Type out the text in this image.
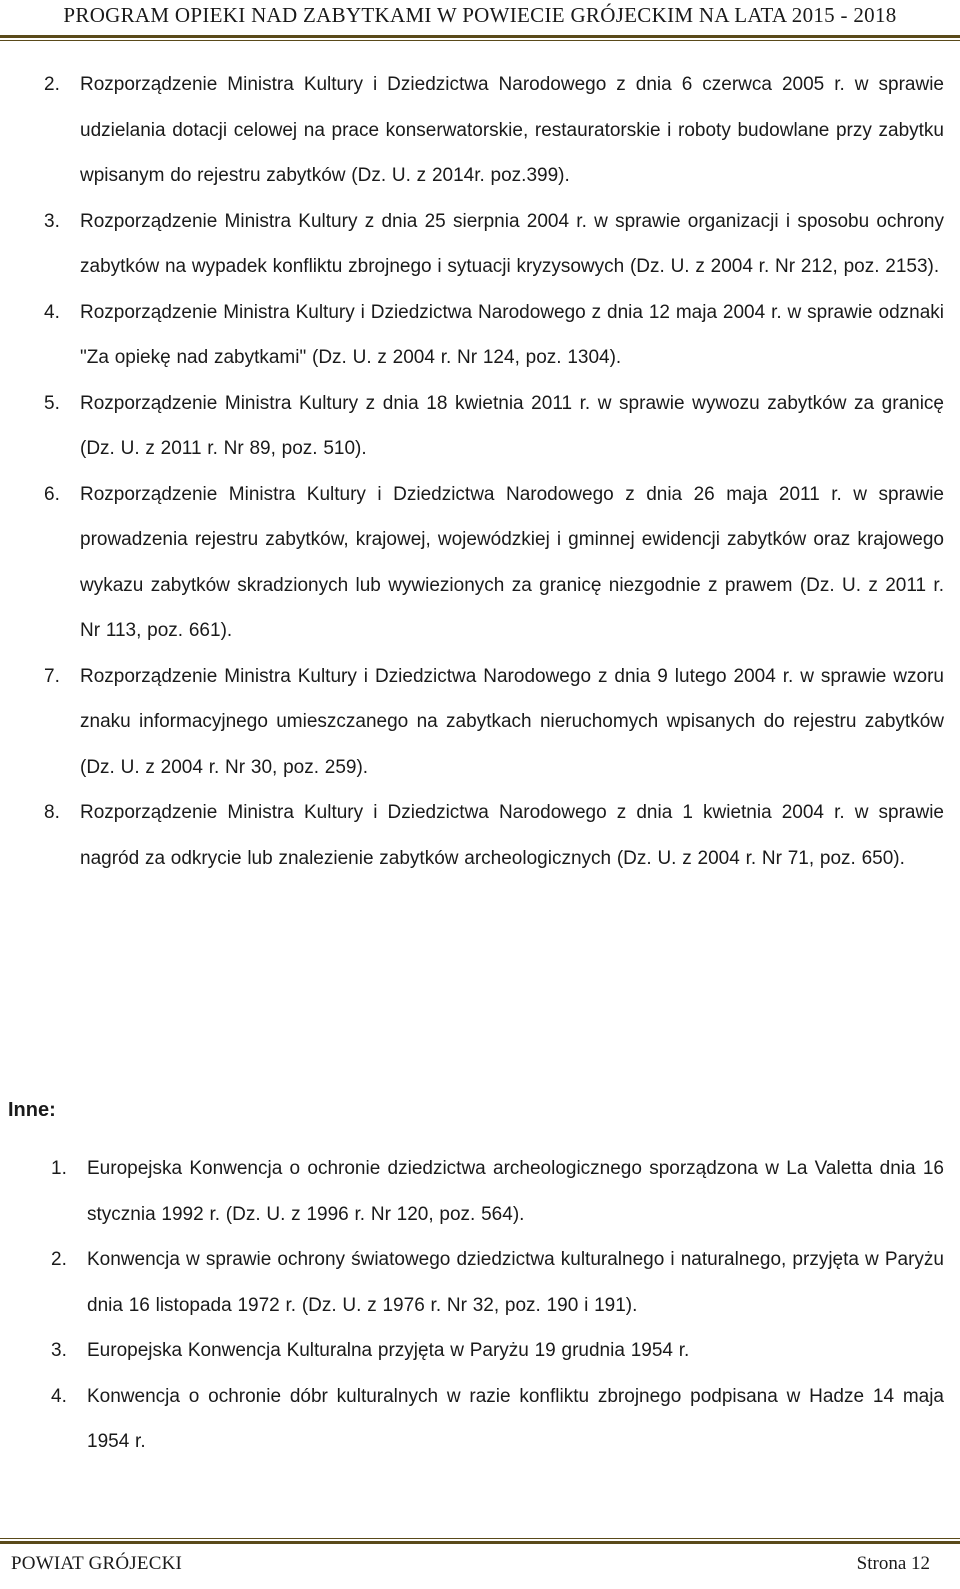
PROGRAM OPIEKI NAD ZABYTKAMI W POWIECIE GRÓJECKIM NA LATA 2015 - 2018
2. Rozporządzenie Ministra Kultury i Dziedzictwa Narodowego z dnia 6 czerwca 2005 r. w sprawie udzielania dotacji celowej na prace konserwatorskie, restauratorskie i roboty budowlane przy zabytku wpisanym do rejestru zabytków (Dz. U. z 2014r. poz.399).
3. Rozporządzenie Ministra Kultury z dnia 25 sierpnia 2004 r. w sprawie organizacji i sposobu ochrony zabytków na wypadek konfliktu zbrojnego i sytuacji kryzysowych (Dz. U. z 2004 r. Nr 212, poz. 2153).
4. Rozporządzenie Ministra Kultury i Dziedzictwa Narodowego z dnia 12 maja 2004 r. w sprawie odznaki "Za opiekę nad zabytkami" (Dz. U. z 2004 r. Nr 124, poz. 1304).
5. Rozporządzenie Ministra Kultury z dnia 18 kwietnia 2011 r. w sprawie wywozu zabytków za granicę (Dz. U. z 2011 r. Nr 89, poz. 510).
6. Rozporządzenie Ministra Kultury i Dziedzictwa Narodowego z dnia 26 maja 2011 r. w sprawie prowadzenia rejestru zabytków, krajowej, wojewódzkiej i gminnej ewidencji zabytków oraz krajowego wykazu zabytków skradzionych lub wywiezionych za granicę niezgodnie z prawem (Dz. U. z 2011 r. Nr 113, poz. 661).
7. Rozporządzenie Ministra Kultury i Dziedzictwa Narodowego z dnia 9 lutego 2004 r. w sprawie wzoru znaku informacyjnego umieszczanego na zabytkach nieruchomych wpisanych do rejestru zabytków (Dz. U. z 2004 r. Nr 30, poz. 259).
8. Rozporządzenie Ministra Kultury i Dziedzictwa Narodowego z dnia 1 kwietnia 2004 r. w sprawie nagród za odkrycie lub znalezienie zabytków archeologicznych (Dz. U. z 2004 r. Nr 71, poz. 650).
Inne:
1. Europejska Konwencja o ochronie dziedzictwa archeologicznego sporządzona w La Valetta dnia 16 stycznia 1992 r. (Dz. U. z 1996 r. Nr 120, poz. 564).
2. Konwencja w sprawie ochrony światowego dziedzictwa kulturalnego i naturalnego, przyjęta w Paryżu dnia 16 listopada 1972 r. (Dz. U. z 1976 r. Nr 32, poz. 190 i 191).
3. Europejska Konwencja Kulturalna przyjęta w Paryżu 19 grudnia 1954 r.
4. Konwencja o ochronie dóbr kulturalnych w razie konfliktu zbrojnego podpisana w Hadze 14 maja 1954 r.
POWIAT GRÓJECKI	Strona 12
